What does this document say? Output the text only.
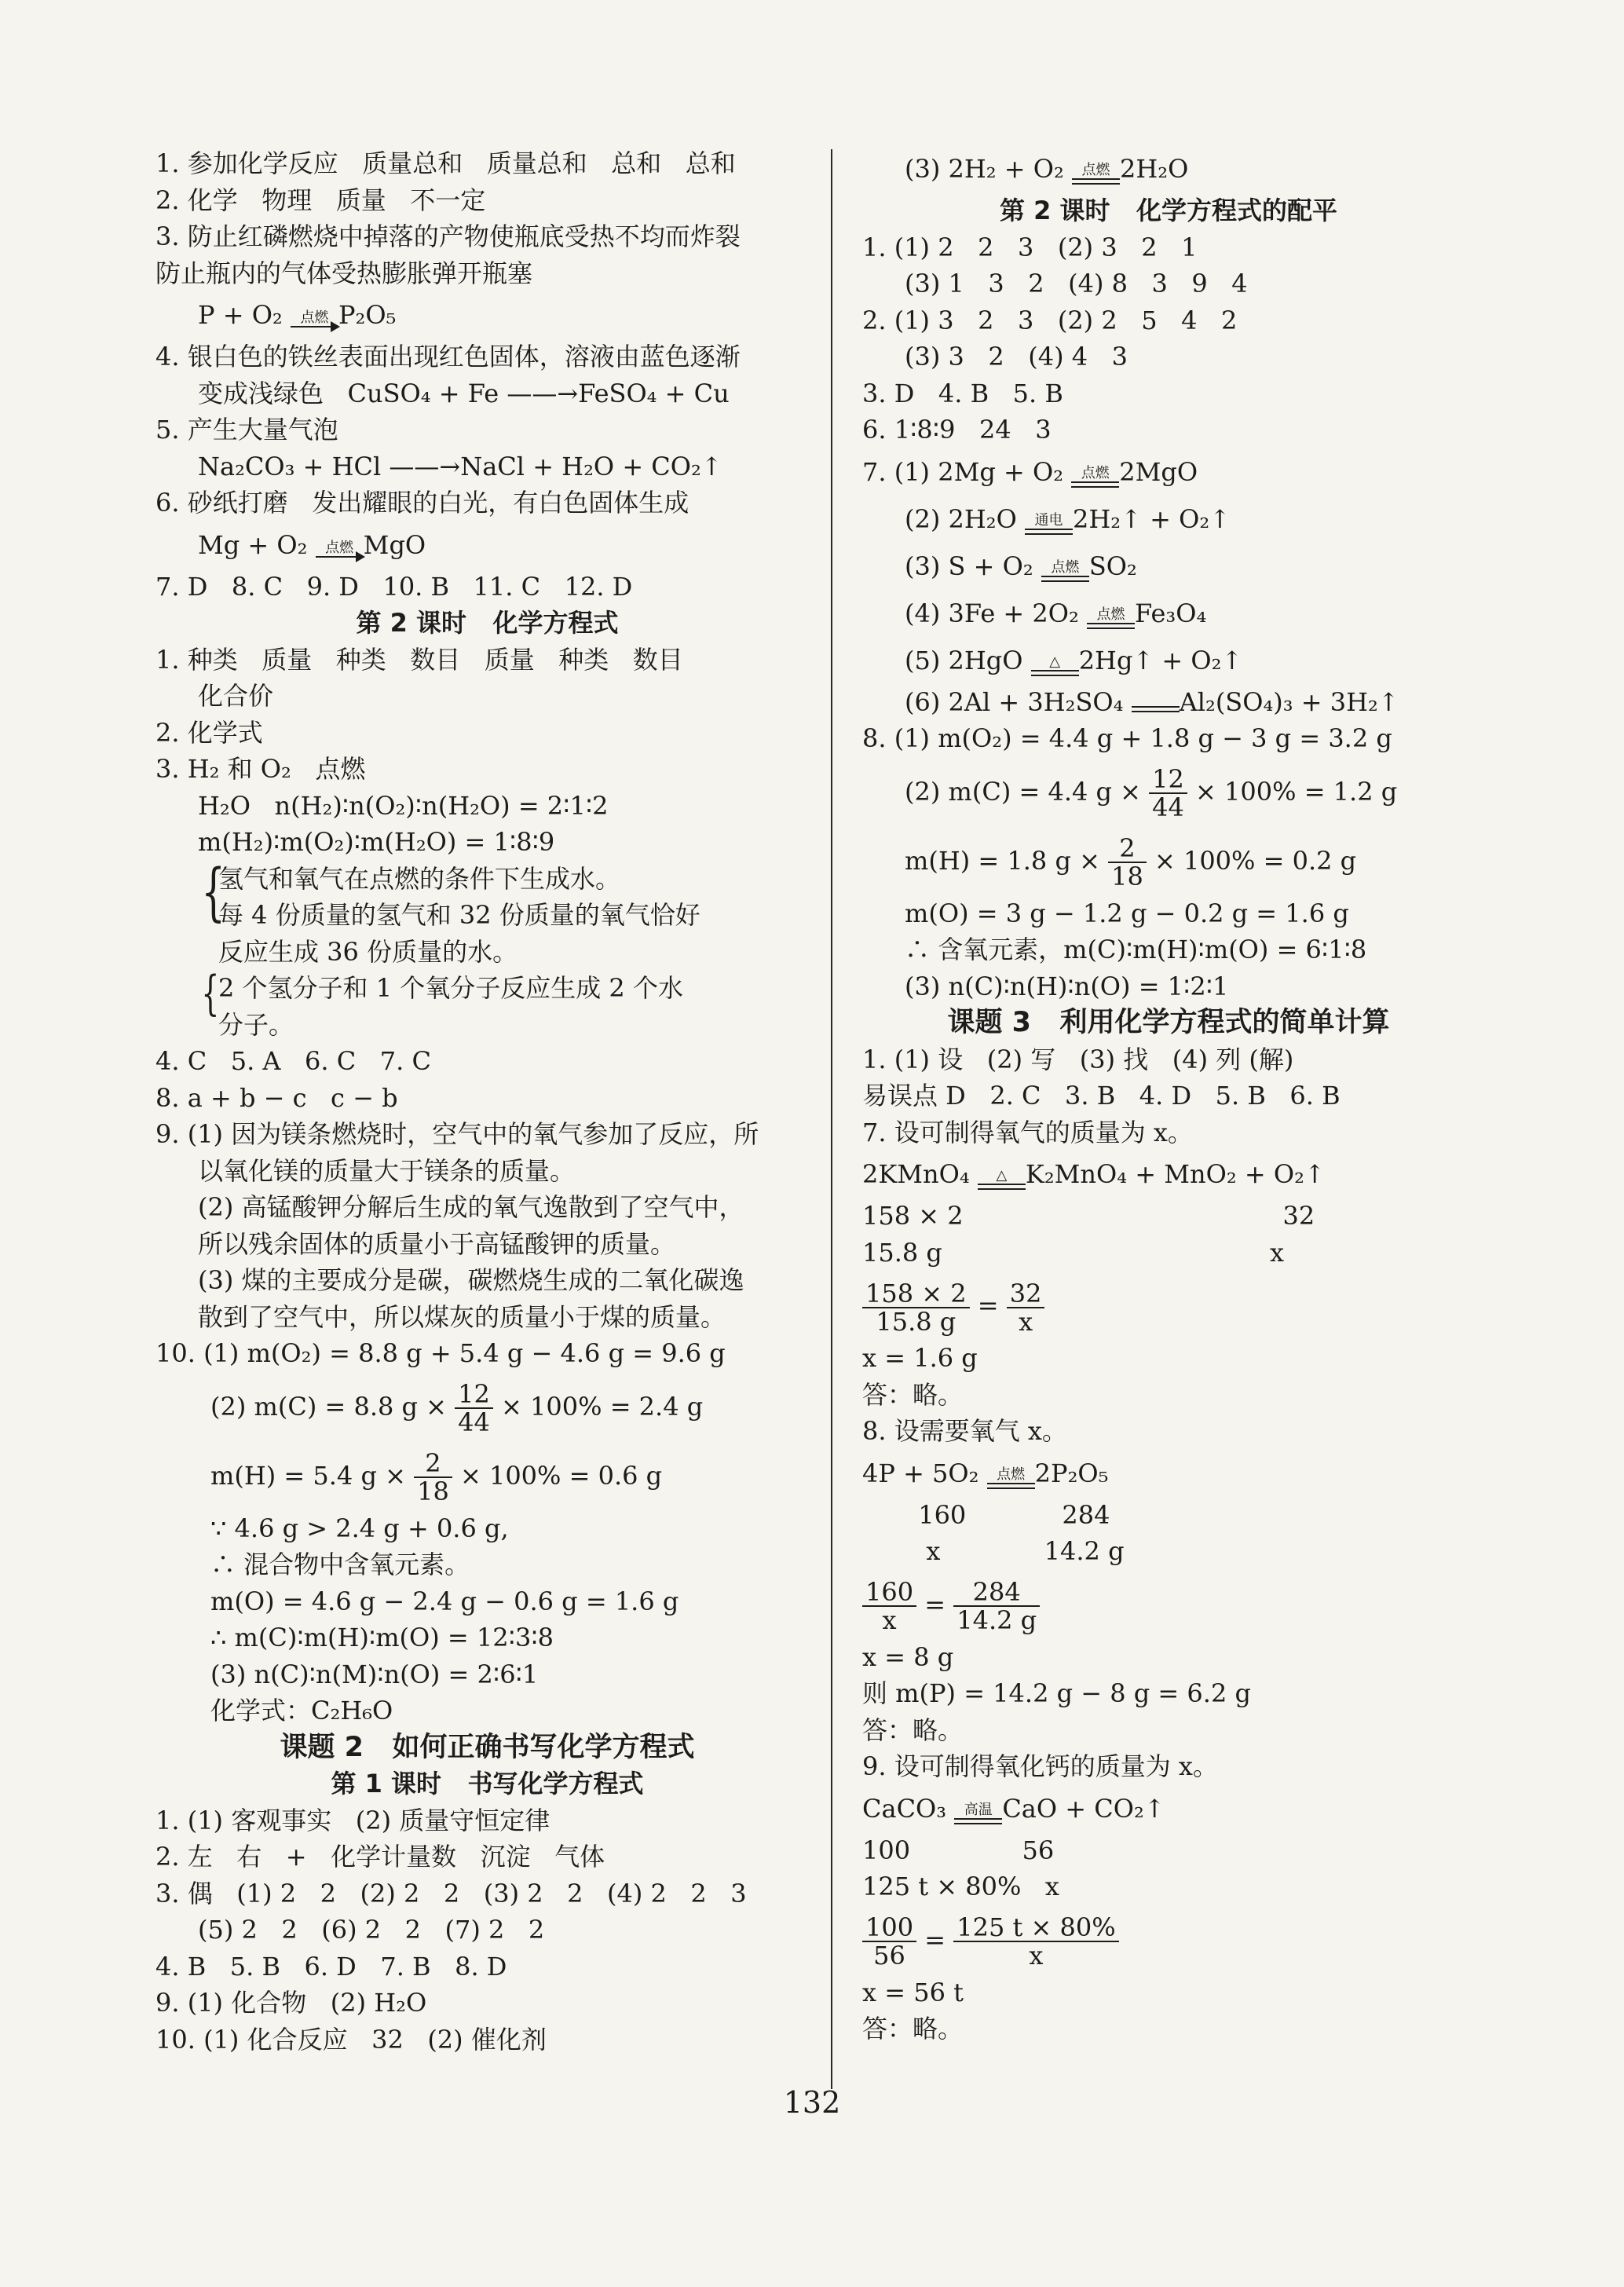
1. 参加化学反应   质量总和   质量总和   总和   总和
2. 化学   物理   质量   不一定
3. 防止红磷燃烧中掉落的产物使瓶底受热不均而炸裂
防止瓶内的气体受热膨胀弹开瓶塞
P + O₂ 点燃
P₂O₅
4. 银白色的铁丝表面出现红色固体，溶液由蓝色逐渐
变成浅绿色   CuSO₄ + Fe ——→FeSO₄ + Cu
5. 产生大量气泡
Na₂CO₃ + HCl ——→NaCl + H₂O + CO₂↑
6. 砂纸打磨   发出耀眼的白光，有白色固体生成
Mg + O₂ 点燃
MgO
7. D   8. C   9. D   10. B   11. C   12. D
第 2 课时   化学方程式
1. 种类   质量   种类   数目   质量   种类   数目
化合价
2. 化学式
3. H₂ 和 O₂   点燃
H₂O   n(H₂)∶n(O₂)∶n(H₂O) = 2∶1∶2
m(H₂)∶m(O₂)∶m(H₂O) = 1∶8∶9
{
氢气和氧气在点燃的条件下生成水。
每 4 份质量的氢气和 32 份质量的氧气恰好
反应生成 36 份质量的水。
{
2 个氢分子和 1 个氧分子反应生成 2 个水
分子。
4. C   5. A   6. C   7. C
8. a + b − c   c − b
9. (1) 因为镁条燃烧时，空气中的氧气参加了反应，所
以氧化镁的质量大于镁条的质量。
(2) 高锰酸钾分解后生成的氧气逸散到了空气中，
所以残余固体的质量小于高锰酸钾的质量。
(3) 煤的主要成分是碳，碳燃烧生成的二氧化碳逸
散到了空气中，所以煤灰的质量小于煤的质量。
10. (1) m(O₂) = 8.8 g + 5.4 g − 4.6 g = 9.6 g
(2) m(C) = 8.8 $g \times \frac{12}{44} \times 100\% = 2.4$ g
m(H) = 5.4 $g \times \frac{2}{18} \times 100\% = 0.6$ g
∵ 4.6 g > 2.4 g + 0.6 g,
∴ 混合物中含氧元素。
m(O) = 4.6 g − 2.4 g − 0.6 g = 1.6 g
∴ m(C)∶m(H)∶m(O) = 12∶3∶8
(3) n(C)∶n(M)∶n(O) = 2∶6∶1
化学式：C₂H₆O
课题 2   如何正确书写化学方程式
第 1 课时   书写化学方程式
1. (1) 客观事实   (2) 质量守恒定律
2. 左   右   +   化学计量数   沉淀   气体
3. 偶   (1) 2   2   (2) 2   2   (3) 2   2   (4) 2   2   3
(5) 2   2   (6) 2   2   (7) 2   2
4. B   5. B   6. D   7. B   8. D
9. (1) 化合物   (2) H₂O
10. (1) 化合反应   32   (2) 催化剂
(3) 2H₂ + O₂ 点燃
2H₂O
第 2 课时   化学方程式的配平
1. (1) 2   2   3   (2) 3   2   1
(3) 1   3   2   (4) 8   3   9   4
2. (1) 3   2   3   (2) 2   5   4   2
(3) 3   2   (4) 4   3
3. D   4. B   5. B
6. 1∶8∶9   24   3
7. (1) 2Mg + O₂ 点燃
2MgO
(2) 2H₂O 通电
2H₂↑ + O₂↑
(3) S + O₂ 点燃
SO₂
(4) 3Fe + 2O₂ 点燃
Fe₃O₄
(5) 2HgO	△
2Hg↑ + O₂↑
(6) 2Al + 3H₂SO₄

Al₂(SO₄)₃ + 3H₂↑
8. (1) m(O₂) = 4.4 g + 1.8 g − 3 g = 3.2 g
(2) m(C) = 4.4 $g \times \frac{12}{44} \times 100\% = 1.2$ g
m(H) = 1.8 $g \times \frac{2}{18} \times 100\% = 0.2$ g
m(O) = 3 g − 1.2 g − 0.2 g = 1.6 g
∴ 含氧元素，m(C)∶m(H)∶m(O) = 6∶1∶8
(3) n(C)∶n(H)∶n(O) = 1∶2∶1
课题 3   利用化学方程式的简单计算
1. (1) 设   (2) 写   (3) 找   (4) 列 (解)
易误点 D   2. C   3. B   4. D   5. B   6. B
7. 设可制得氧气的质量为 x。
2KMnO₄	△
K₂MnO₄ + MnO₂ + O₂↑
158 × 2                                        32
15.8 g                                         x
$\frac{158 \times 2}{15.8 g} = \frac{32}{x}$
x = 1.6 g
答：略。
8. 设需要氧气 x。
4P + 5O₂ 点燃
2P₂O₅
160            284
x             14.2 g
$\frac{160}{x} = \frac{284}{14.2 g}$
x = 8 g
则 m(P) = 14.2 g − 8 g = 6.2 g
答：略。
9. 设可制得氧化钙的质量为 x。
CaCO₃ 高温
CaO + CO₂↑
100              56
125 t × 80%   x
$\frac{100}{56} = \frac{125 t \times 80\%}{x}$
x = 56 t
答：略。
132
